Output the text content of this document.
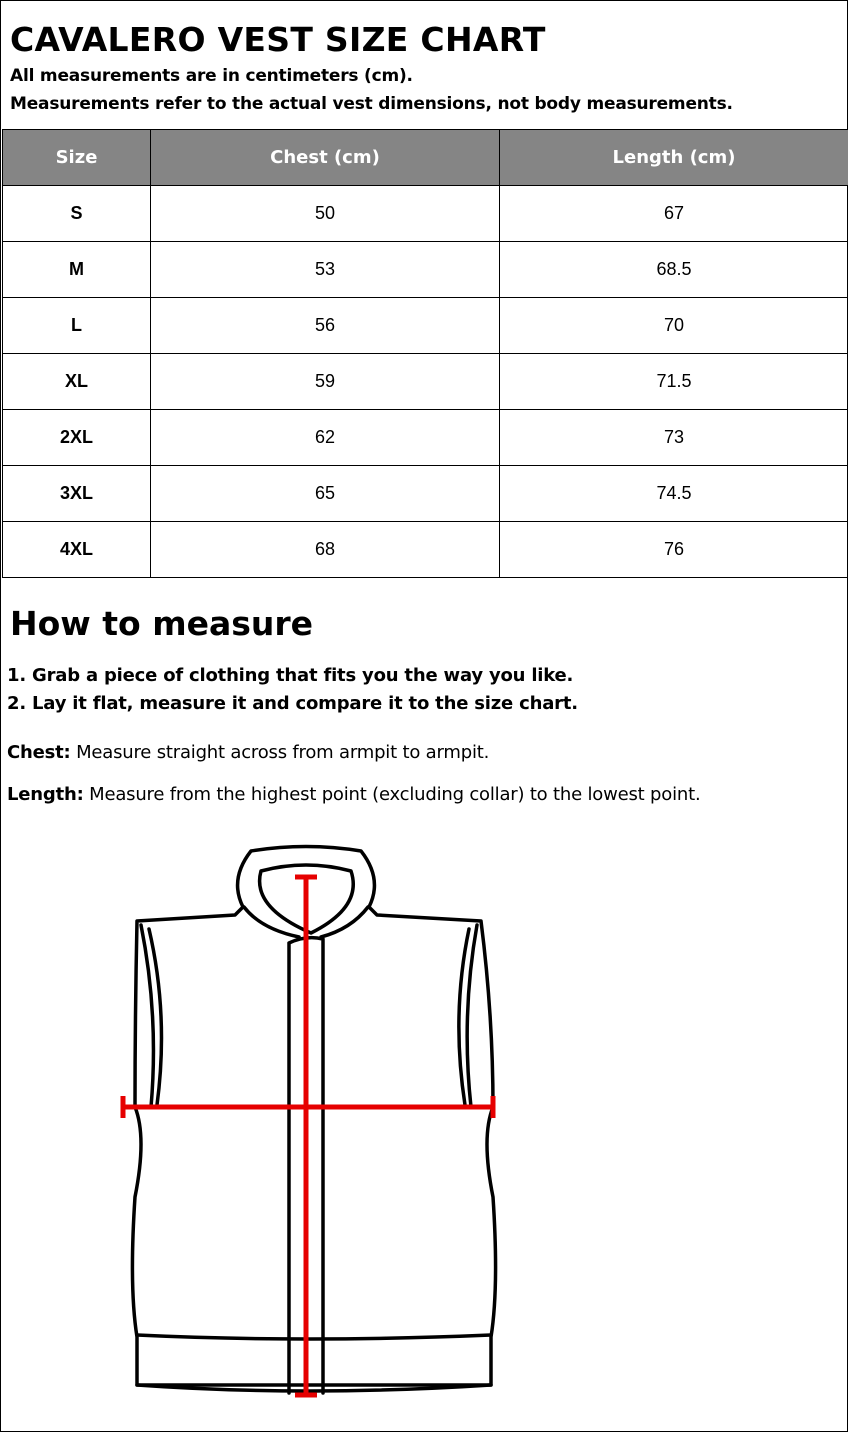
CAVALERO VEST SIZE CHART
All measurements are in centimeters (cm).
Measurements refer to the actual vest dimensions, not body measurements.
Size	Chest (cm)	Length (cm)
S	50	67
M	53	68.5
L	56	70
XL	59	71.5
2XL	62	73
3XL	65	74.5
4XL	68	76
How to measure
1. Grab a piece of clothing that fits you the way you like.
2. Lay it flat, measure it and compare it to the size chart.
Chest: Measure straight across from armpit to armpit.
Length: Measure from the highest point (excluding collar) to the lowest point.
